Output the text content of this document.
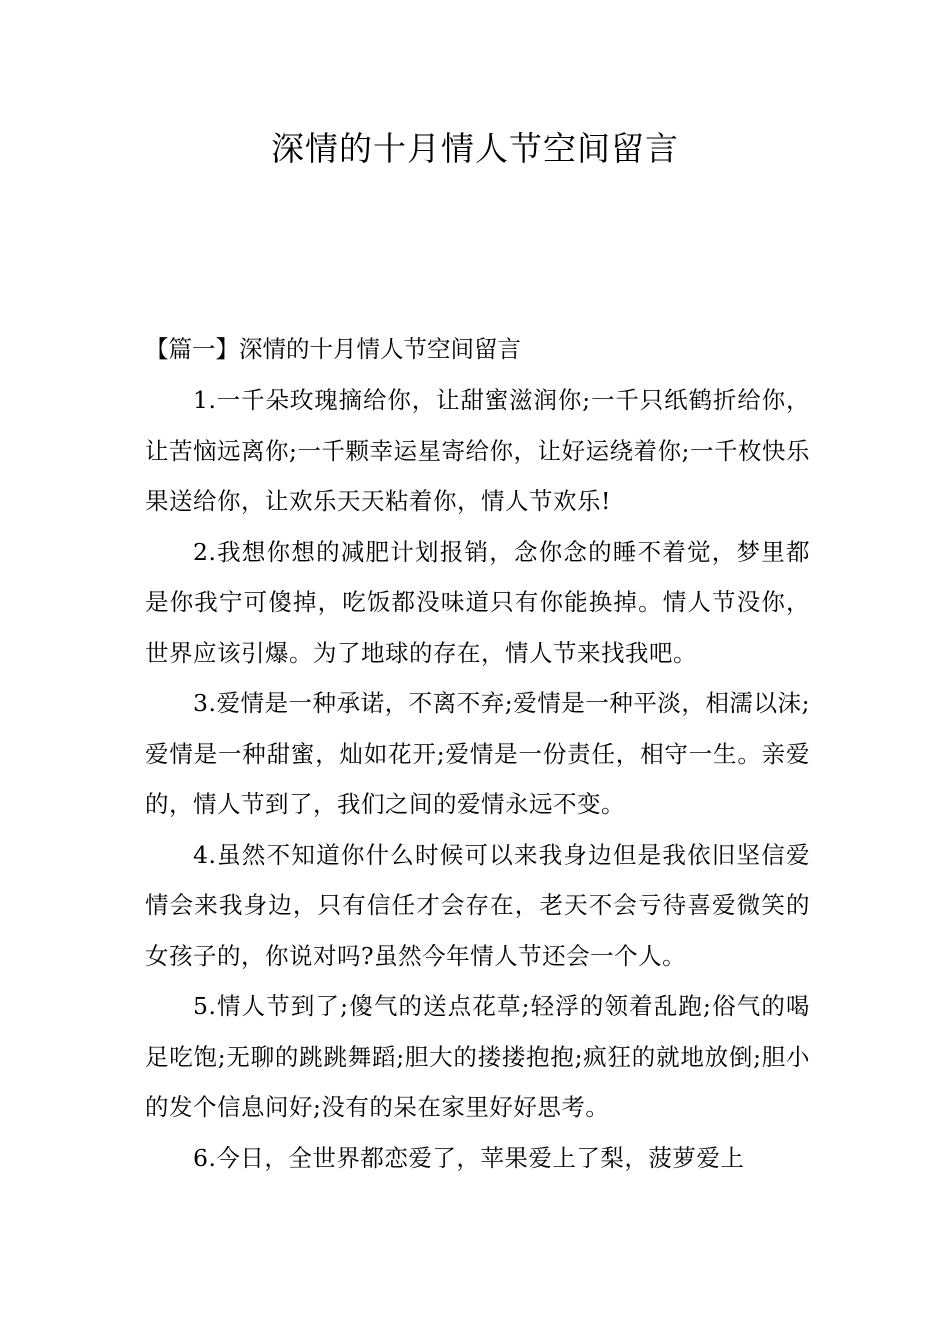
深情的十月情人节空间留言

【篇一】深情的十月情人节空间留言

1.一千朵玫瑰摘给你，让甜蜜滋润你;一千只纸鹤折给你，让苦恼远离你;一千颗幸运星寄给你，让好运绕着你;一千枚快乐果送给你，让欢乐天天粘着你，情人节欢乐!

2.我想你想的减肥计划报销，念你念的睡不着觉，梦里都是你我宁可傻掉，吃饭都没味道只有你能换掉。情人节没你，世界应该引爆。为了地球的存在，情人节来找我吧。

3.爱情是一种承诺，不离不弃;爱情是一种平淡，相濡以沫;爱情是一种甜蜜，灿如花开;爱情是一份责任，相守一生。亲爱的，情人节到了，我们之间的爱情永远不变。

4.虽然不知道你什么时候可以来我身边但是我依旧坚信爱情会来我身边，只有信任才会存在，老天不会亏待喜爱微笑的女孩子的，你说对吗?虽然今年情人节还会一个人。

5.情人节到了;傻气的送点花草;轻浮的领着乱跑;俗气的喝足吃饱;无聊的跳跳舞蹈;胆大的搂搂抱抱;疯狂的就地放倒;胆小的发个信息问好;没有的呆在家里好好思考。

6.今日，全世界都恋爱了，苹果爱上了梨，菠萝爱上
